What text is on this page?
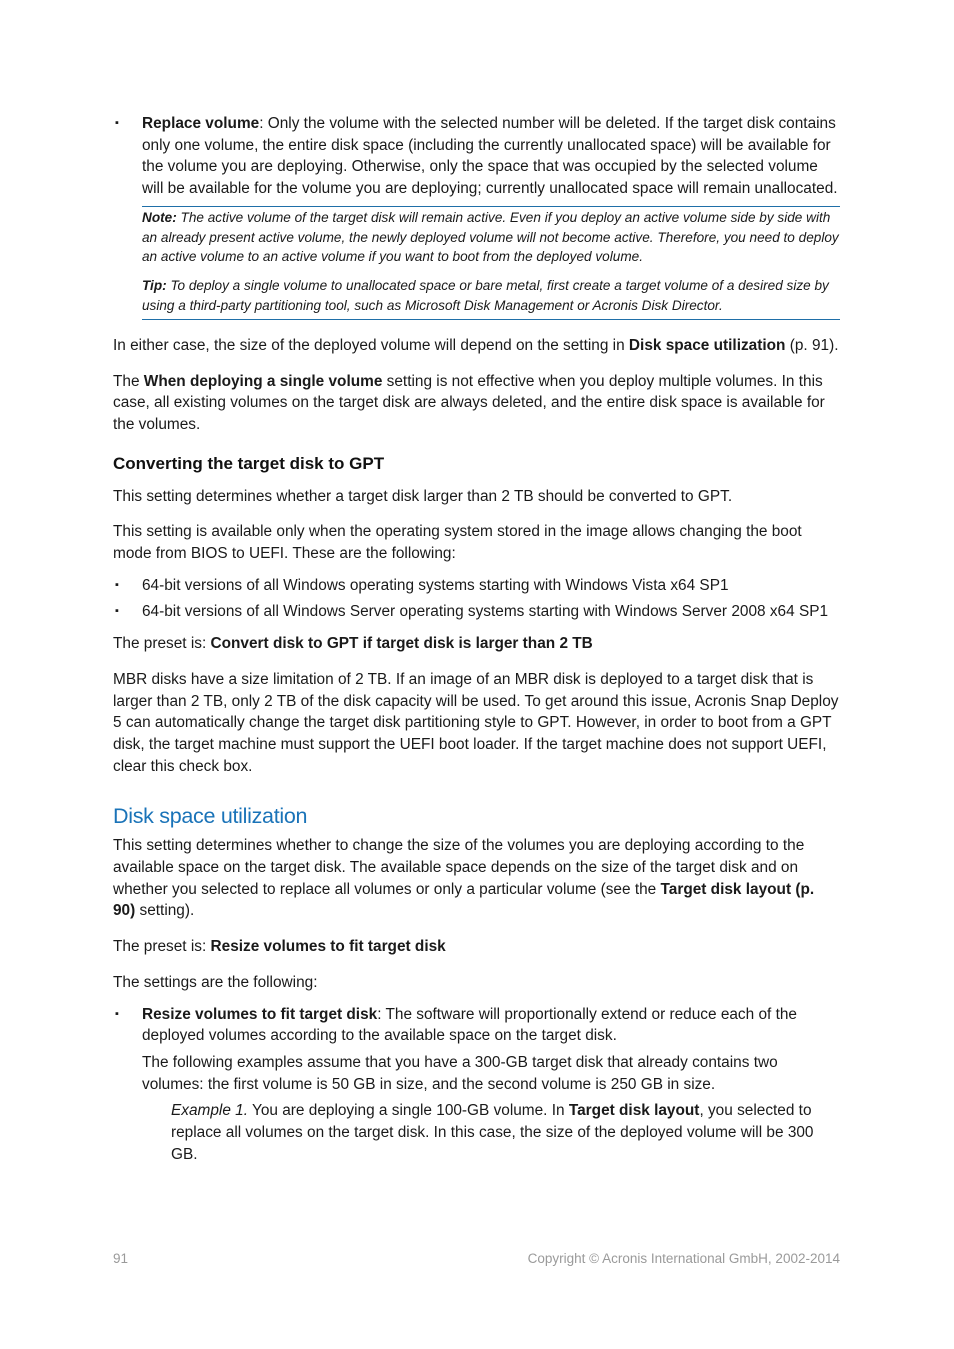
▪ Replace volume: Only the volume with the selected number will be deleted. If the target disk contains only one volume, the entire disk space (including the currently unallocated space) will be available for the volume you are deploying. Otherwise, only the space that was occupied by the selected volume will be available for the volume you are deploying; currently unallocated space will remain unallocated.

Note: The active volume of the target disk will remain active. Even if you deploy an active volume side by side with an already present active volume, the newly deployed volume will not become active. Therefore, you need to deploy an active volume to an active volume if you want to boot from the deployed volume.

Tip: To deploy a single volume to unallocated space or bare metal, first create a target volume of a desired size by using a third-party partitioning tool, such as Microsoft Disk Management or Acronis Disk Director.

In either case, the size of the deployed volume will depend on the setting in Disk space utilization (p. 91).

The When deploying a single volume setting is not effective when you deploy multiple volumes. In this case, all existing volumes on the target disk are always deleted, and the entire disk space is available for the volumes.

Converting the target disk to GPT

This setting determines whether a target disk larger than 2 TB should be converted to GPT.

This setting is available only when the operating system stored in the image allows changing the boot mode from BIOS to UEFI. These are the following:

▪ 64-bit versions of all Windows operating systems starting with Windows Vista x64 SP1

▪ 64-bit versions of all Windows Server operating systems starting with Windows Server 2008 x64 SP1

The preset is: Convert disk to GPT if target disk is larger than 2 TB

MBR disks have a size limitation of 2 TB. If an image of an MBR disk is deployed to a target disk that is larger than 2 TB, only 2 TB of the disk capacity will be used. To get around this issue, Acronis Snap Deploy 5 can automatically change the target disk partitioning style to GPT. However, in order to boot from a GPT disk, the target machine must support the UEFI boot loader. If the target machine does not support UEFI, clear this check box.

Disk space utilization

This setting determines whether to change the size of the volumes you are deploying according to the available space on the target disk. The available space depends on the size of the target disk and on whether you selected to replace all volumes or only a particular volume (see the Target disk layout (p. 90) setting).

The preset is: Resize volumes to fit target disk

The settings are the following:

▪ Resize volumes to fit target disk: The software will proportionally extend or reduce each of the deployed volumes according to the available space on the target disk.

The following examples assume that you have a 300-GB target disk that already contains two volumes: the first volume is 50 GB in size, and the second volume is 250 GB in size.

Example 1. You are deploying a single 100-GB volume. In Target disk layout, you selected to replace all volumes on the target disk. In this case, the size of the deployed volume will be 300 GB.

91	Copyright © Acronis International GmbH, 2002-2014
